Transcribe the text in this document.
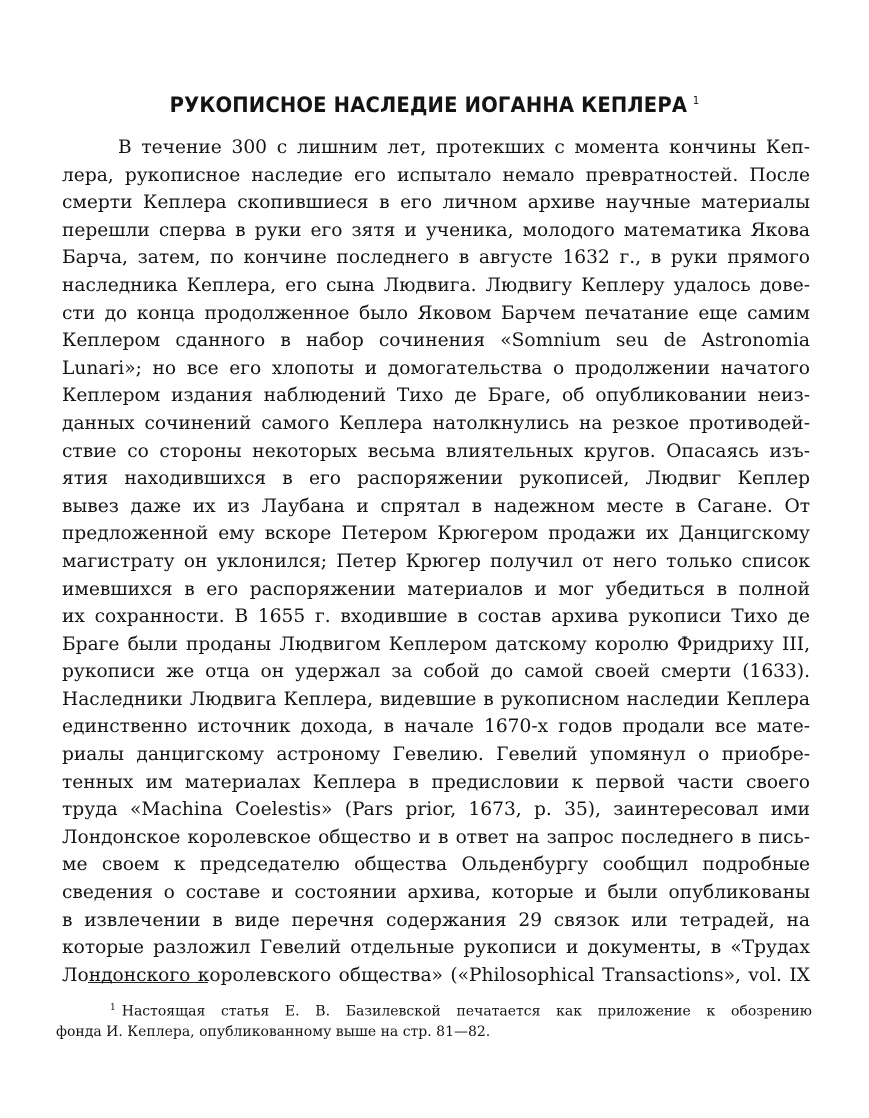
РУКОПИСНОЕ НАСЛЕДИЕ ИОГАННА КЕПЛЕРА $^1$
В течение 300 с лишним лет, протекших с момента кончины Кеп-
лера, рукописное наследие его испытало немало превратностей. После
смерти Кеплера скопившиеся в его личном архиве научные материалы
перешли сперва в руки его зятя и ученика, молодого математика Якова
Барча, затем, по кончине последнего в августе 1632 г., в руки прямого
наследника Кеплера, его сына Людвига. Людвигу Кеплеру удалось дове-
сти до конца продолженное было Яковом Барчем печатание еще самим
Кеплером сданного в набор сочинения «Somnium seu de Astronomia
Lunari»; но все его хлопоты и домогательства о продолжении начатого
Кеплером издания наблюдений Тихо де Браге, об опубликовании неиз-
данных сочинений самого Кеплера натолкнулись на резкое противодей-
ствие со стороны некоторых весьма влиятельных кругов. Опасаясь изъ-
ятия находившихся в его распоряжении рукописей, Людвиг Кеплер
вывез даже их из Лаубана и спрятал в надежном месте в Сагане. От
предложенной ему вскоре Петером Крюгером продажи их Данцигскому
магистрату он уклонился; Петер Крюгер получил от него только список
имевшихся в его распоряжении материалов и мог убедиться в полной
их сохранности. В 1655 г. входившие в состав архива рукописи Тихо де
Браге были проданы Людвигом Кеплером датскому королю Фридриху III,
рукописи же отца он удержал за собой до самой своей смерти (1633).
Наследники Людвига Кеплера, видевшие в рукописном наследии Кеплера
единственно источник дохода, в начале 1670-х годов продали все мате-
риалы данцигскому астроному Гевелию. Гевелий упомянул о приобре-
тенных им материалах Кеплера в предисловии к первой части своего
труда «Machina Coelestis» (Pars prior, 1673, p. 35), заинтересовал ими
Лондонское королевское общество и в ответ на запрос последнего в пись-
ме своем к председателю общества Ольденбургу сообщил подробные
сведения о составе и состоянии архива, которые и были опубликованы
в извлечении в виде перечня содержания 29 связок или тетрадей, на
которые разложил Гевелий отдельные рукописи и документы, в «Трудах
Лондонского королевского общества» («Philosophical Transactions», vol. IX
$^1$ Настоящая статья Е. В. Базилевской печатается как приложение к обозрению
фонда И. Кеплера, опубликованному выше на стр. 81—82.
